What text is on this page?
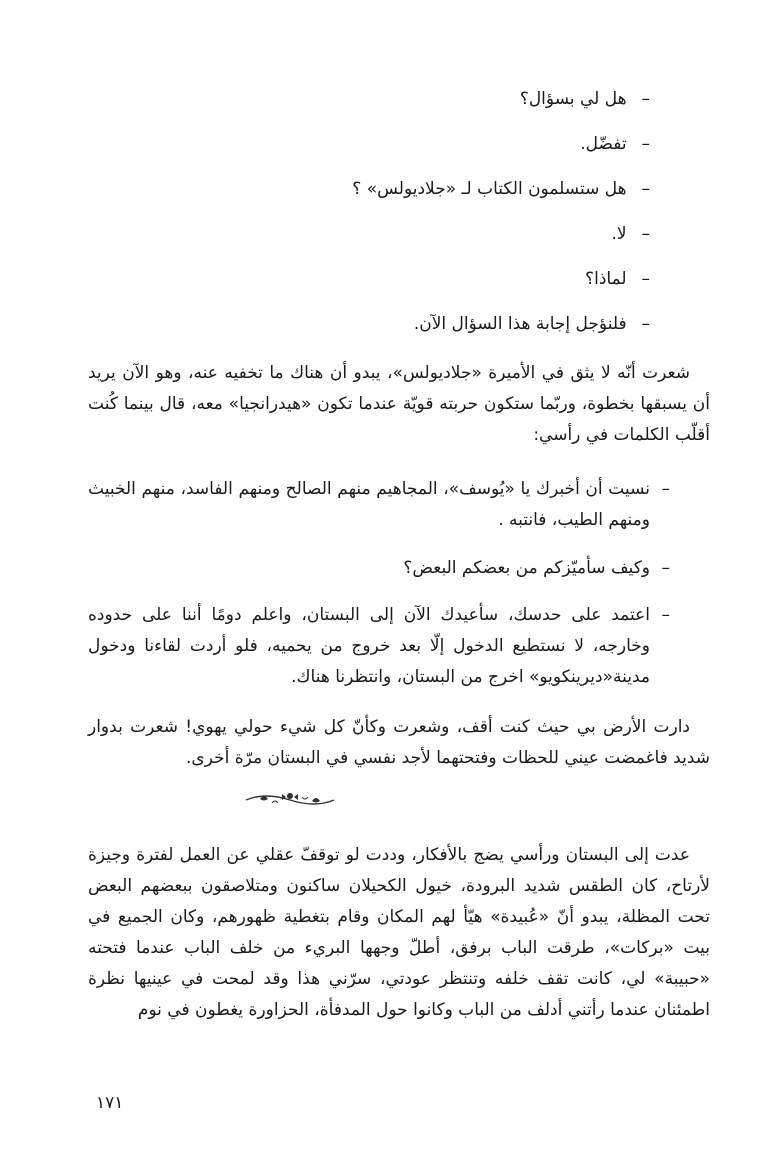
– هل لي بسؤال؟
– تفضّل.
– هل ستسلمون الكتاب لـ «جلاديولس» ؟
– لا.
– لماذا؟
– فلنؤجل إجابة هذا السؤال الآن.
شعرت أنّه لا يثق في الأميرة «جلاديولس»، يبدو أن هناك ما تخفيه عنه، وهو الآن يريد أن يسبقها بخطوة، وربّما ستكون حربته قويّة عندما تكون «هيدرانجيا» معه، قال بينما كُنت أقلّب الكلمات في رأسي:
–
نسيت أن أخبرك يا «يُوسف»، المجاهيم منهم الصالح ومنهم الفاسد، منهم الخبيث ومنهم الطيب، فانتبه .
–
وكيف سأميّزكم من بعضكم البعض؟
–
اعتمد على حدسك، سأعيدك الآن إلى البستان، واعلم دومًا أننا على حدوده وخارجه، لا نستطيع الدخول إلّا بعد خروج من يحميه، فلو أردت لقاءنا ودخول مدينة«ديرينكويو» اخرج من البستان، وانتظرنا هناك.
دارت الأرض بي حيث كنت أقف، وشعرت وكأنّ كل شيء حولي يهوي! شعرت بدوار شديد فاغمضت عيني للحظات وفتحتهما لأجد نفسي في البستان مرّة أخرى.
عدت إلى البستان ورأسي يضج بالأفكار، وددت لو توقفّ عقلي عن العمل لفترة وجيزة لأرتاح، كان الطقس شديد البرودة، خيول الكحيلان ساكنون ومتلاصقون ببعضهم البعض تحت المظلة، يبدو أنّ «عُبيدة» هيّأ لهم المكان وقام بتغطية ظهورهم، وكان الجميع في بيت «بركات»، طرقت الباب برفق، أطلّ وجهها البريء من خلف الباب عندما فتحته «حبيبة» لي، كانت تقف خلفه وتنتظر عودتي، سرّني هذا وقد لمحت في عينيها نظرة اطمئنان عندما رأتني أدلف من الباب وكانوا حول المدفأة، الحزاورة يغطون في نوم
١٧١
